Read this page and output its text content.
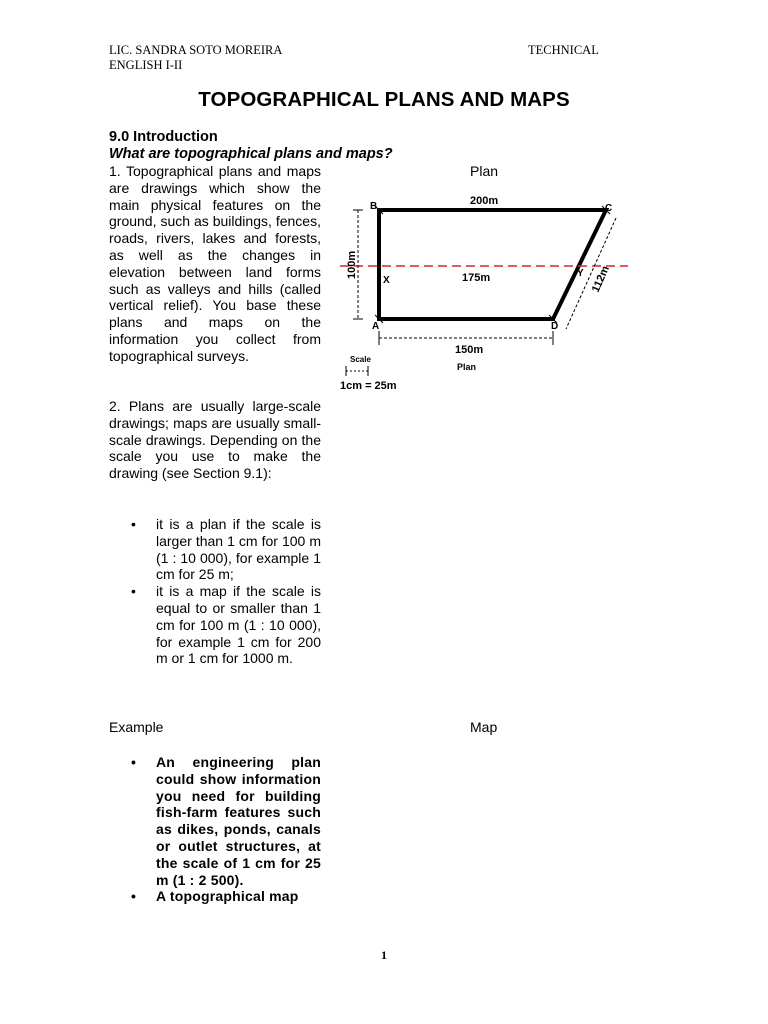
LIC. SANDRA SOTO MOREIRA
ENGLISH I-II
TECHNICAL
TOPOGRAPHICAL PLANS AND MAPS
9.0 Introduction
What are topographical plans and maps?
1. Topographical plans and maps are drawings which show the main physical features on the ground, such as buildings, fences, roads, rivers, lakes and forests, as well as the changes in elevation between land forms such as valleys and hills (called vertical relief). You base these plans and maps on the information you collect from topographical surveys.
2. Plans are usually large-scale drawings; maps are usually small-scale drawings. Depending on the scale you use to make the drawing (see Section 9.1):
• it is a plan if the scale is larger than 1 cm for 100 m (1 : 10 000), for example 1 cm for 25 m;
• it is a map if the scale is equal to or smaller than 1 cm for 100 m (1 : 10 000), for example 1 cm for 200 m or 1 cm for 1000 m.
Plan
B	C
X
Y
A	D
200m
175m
100m	112m
150m
Scale
1cm = 25m
Plan
Example	Map
• An engineering plan could show information you need for building fish-farm features such as dikes, ponds, canals or outlet structures, at the scale of 1 cm for 25 m (1 : 2 500).
• A topographical map
1
